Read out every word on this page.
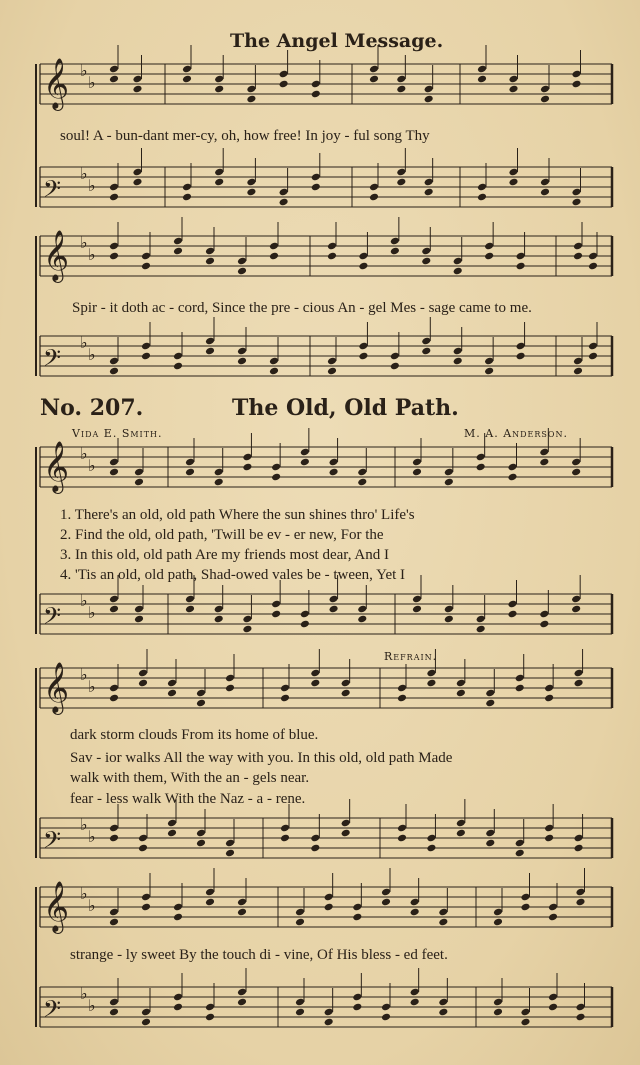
𝄞 ♭
♭
𝄢
♭
♭
𝄞 ♭
♭
𝄢
♭
♭
𝄞 ♭
♭
𝄢
♭
♭
𝄞 ♭
♭
𝄢
♭
♭
𝄞 ♭
♭
𝄢
♭
♭
The Angel Message.
soul! A - bun-dant mer-cy, oh, how free! In joy - ful song Thy
Spir - it doth ac - cord, Since the pre - cious An - gel Mes - sage came to me.
No. 207.	The Old, Old Path.
Vida E. Smith.	M. A. Anderson.
1. There's an old, old path Where the sun shines thro' Life's
2. Find the old, old path, 'Twill be ev - er new, For the
3. In this old, old path Are my friends most dear, And I
4. 'Tis an old, old path, Shad-owed vales be - tween, Yet I
Refrain.
dark storm clouds From its home of blue.
Sav - ior walks All the way with you. In this old, old path Made
walk with them, With the an - gels near.
fear - less walk With the Naz - a - rene.
strange - ly sweet By the touch di - vine, Of His bless - ed feet.
